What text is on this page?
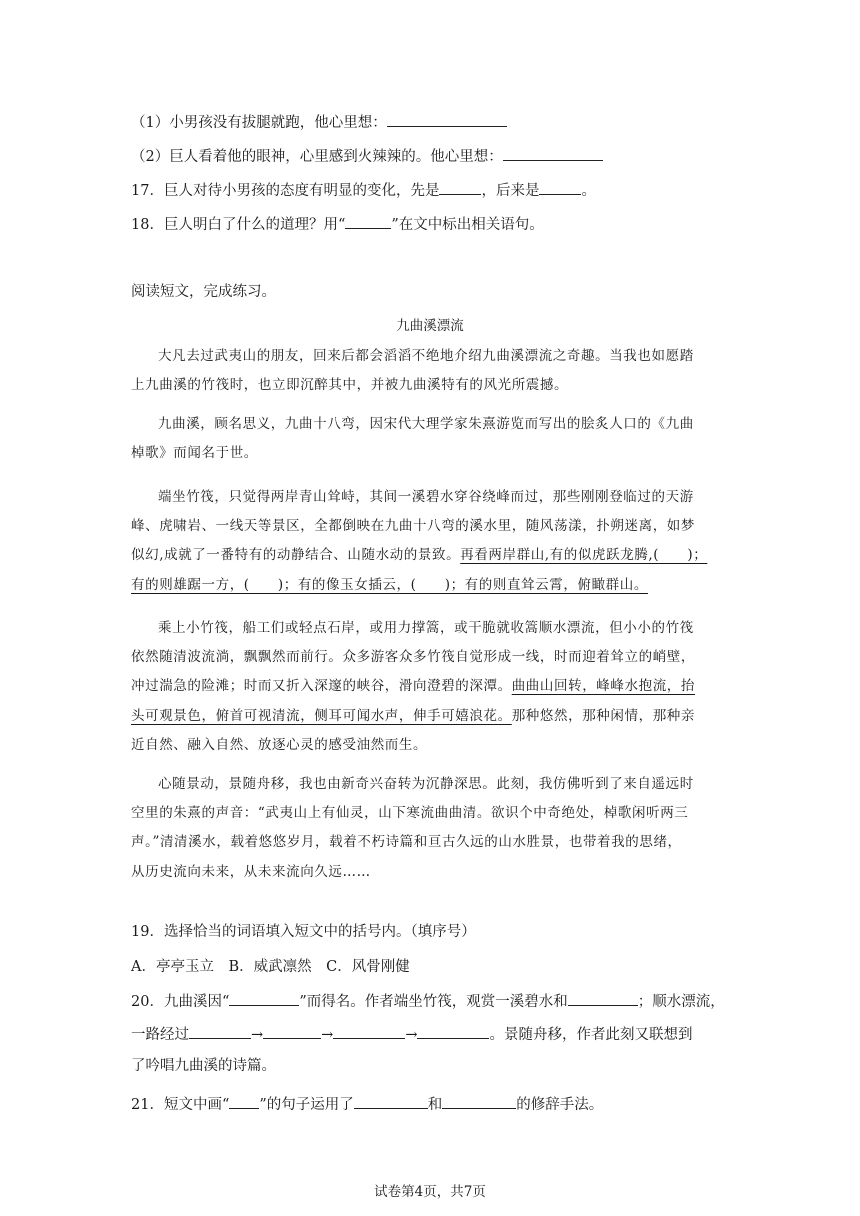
（1）小男孩没有拔腿就跑，他心里想：
（2）巨人看着他的眼神，心里感到火辣辣的。他心里想：
17．巨人对待小男孩的态度有明显的变化，先是	，后来是	。
18．巨人明白了什么的道理？用“	”在文中标出相关语句。
阅读短文，完成练习。
九曲溪漂流
大凡去过武夷山的朋友，回来后都会滔滔不绝地介绍九曲溪漂流之奇趣。当我也如愿踏
上九曲溪的竹筏时，也立即沉醉其中，并被九曲溪特有的风光所震撼。
九曲溪，顾名思义，九曲十八弯，因宋代大理学家朱熹游览而写出的脍炙人口的《九曲
棹歌》而闻名于世。
端坐竹筏，只觉得两岸青山耸峙，其间一溪碧水穿谷绕峰而过，那些刚刚登临过的天游
峰、虎啸岩、一线天等景区，全都倒映在九曲十八弯的溪水里，随风荡漾，扑朔迷离，如梦
似幻,成就了一番特有的动静结合、山随水动的景致。再看两岸群山,有的似虎跃龙腾,(　　)；
有的则雄踞一方，(　　)；有的像玉女插云，(　　)；有的则直耸云霄，俯瞰群山。
乘上小竹筏，船工们或轻点石岸，或用力撑篙，或干脆就收篙顺水漂流，但小小的竹筏
依然随清波流淌，飘飘然而前行。众多游客众多竹筏自觉形成一线，时而迎着耸立的峭壁，
冲过湍急的险滩；时而又折入深邃的峡谷，滑向澄碧的深潭。曲曲山回转，峰峰水抱流，抬
头可观景色，俯首可视清流，侧耳可闻水声，伸手可嬉浪花。那种悠然，那种闲情，那种亲
近自然、融入自然、放逐心灵的感受油然而生。
心随景动，景随舟移，我也由新奇兴奋转为沉静深思。此刻，我仿佛听到了来自遥远时
空里的朱熹的声音：“武夷山上有仙灵，山下寒流曲曲清。欲识个中奇绝处，棹歌闲听两三
声。”清清溪水，载着悠悠岁月，载着不朽诗篇和亘古久远的山水胜景，也带着我的思绪，
从历史流向未来，从未来流向久远……
19．选择恰当的词语填入短文中的括号内。（填序号）
A．亭亭玉立　B．威武凛然　C．风骨刚健
20．九曲溪因“	”而得名。作者端坐竹筏，观赏一溪碧水和	；顺水漂流，
一路经过	→	→	→	。景随舟移，作者此刻又联想到
了吟唱九曲溪的诗篇。
21．短文中画“ ”的句子运用了	和	的修辞手法。
试卷第4页，共7页
